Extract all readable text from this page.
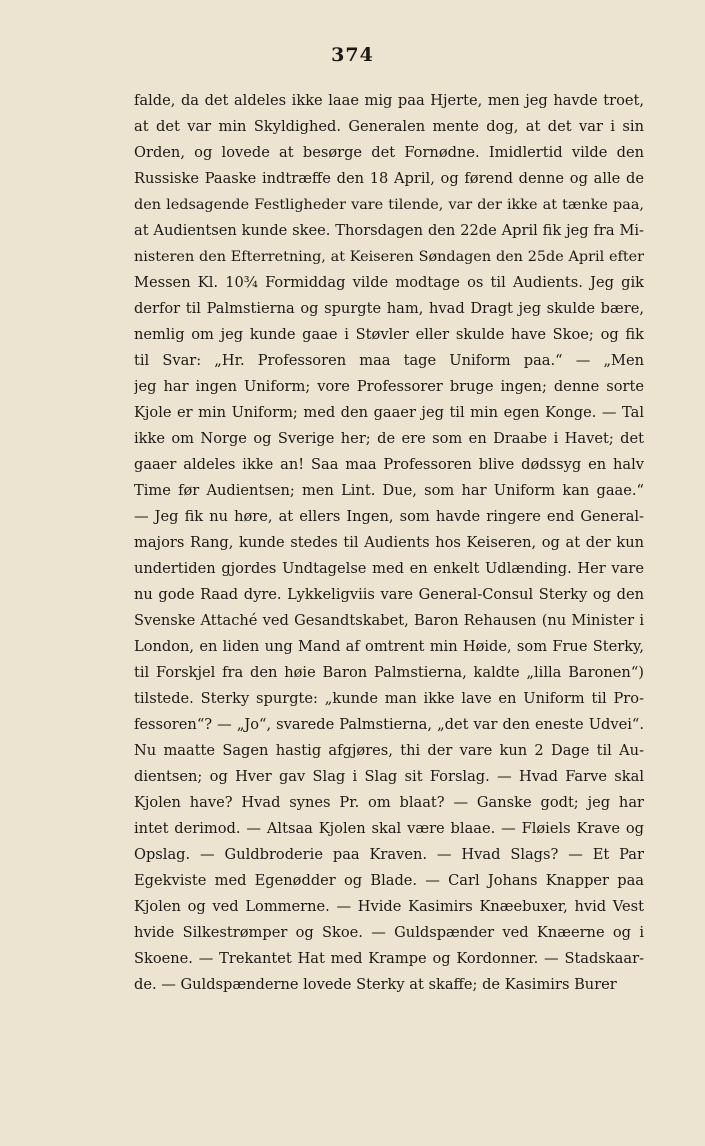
374
falde, da det aldeles ikke laae mig paa Hjerte, men jeg havde troet,
at det var min Skyldighed. Generalen mente dog, at det var i sin
Orden, og lovede at besørge det Fornødne. Imidlertid vilde den
Russiske Paaske indtræffe den 18 April, og førend denne og alle de
den ledsagende Festligheder vare tilende, var der ikke at tænke paa,
at Audientsen kunde skee. Thorsdagen den 22de April fik jeg fra Mi-
nisteren den Efterretning, at Keiseren Søndagen den 25de April efter
Messen Kl. 10¾ Formiddag vilde modtage os til Audients. Jeg gik
derfor til Palmstierna og spurgte ham, hvad Dragt jeg skulde bære,
nemlig om jeg kunde gaae i Støvler eller skulde have Skoe; og fik
til Svar: „Hr. Professoren maa tage Uniform paa.“ — „Men
jeg har ingen Uniform; vore Professorer bruge ingen; denne sorte
Kjole er min Uniform; med den gaaer jeg til min egen Konge. — Tal
ikke om Norge og Sverige her; de ere som en Draabe i Havet; det
gaaer aldeles ikke an! Saa maa Professoren blive dødssyg en halv
Time før Audientsen; men Lint. Due, som har Uniform kan gaae.“
— Jeg fik nu høre, at ellers Ingen, som havde ringere end General-
majors Rang, kunde stedes til Audients hos Keiseren, og at der kun
undertiden gjordes Undtagelse med en enkelt Udlænding. Her vare
nu gode Raad dyre. Lykkeligviis vare General-Consul Sterky og den
Svenske Attaché ved Gesandtskabet, Baron Rehausen (nu Minister i
London, en liden ung Mand af omtrent min Høide, som Frue Sterky,
til Forskjel fra den høie Baron Palmstierna, kaldte „lilla Baronen“)
tilstede. Sterky spurgte: „kunde man ikke lave en Uniform til Pro-
fessoren“? — „Jo“, svarede Palmstierna, „det var den eneste Udvei“.
Nu maatte Sagen hastig afgjøres, thi der vare kun 2 Dage til Au-
dientsen; og Hver gav Slag i Slag sit Forslag. — Hvad Farve skal
Kjolen have? Hvad synes Pr. om blaat? — Ganske godt; jeg har
intet derimod. — Altsaa Kjolen skal være blaae. — Fløiels Krave og
Opslag. — Guldbroderie paa Kraven. — Hvad Slags? — Et Par
Egekviste med Egenødder og Blade. — Carl Johans Knapper paa
Kjolen og ved Lommerne. — Hvide Kasimirs Knæebuxer, hvid Vest
hvide Silkestrømper og Skoe. — Guldspænder ved Knæerne og i
Skoene. — Trekantet Hat med Krampe og Kordonner. — Stadskaar-
de. — Guldspænderne lovede Sterky at skaffe; de Kasimirs Burer
